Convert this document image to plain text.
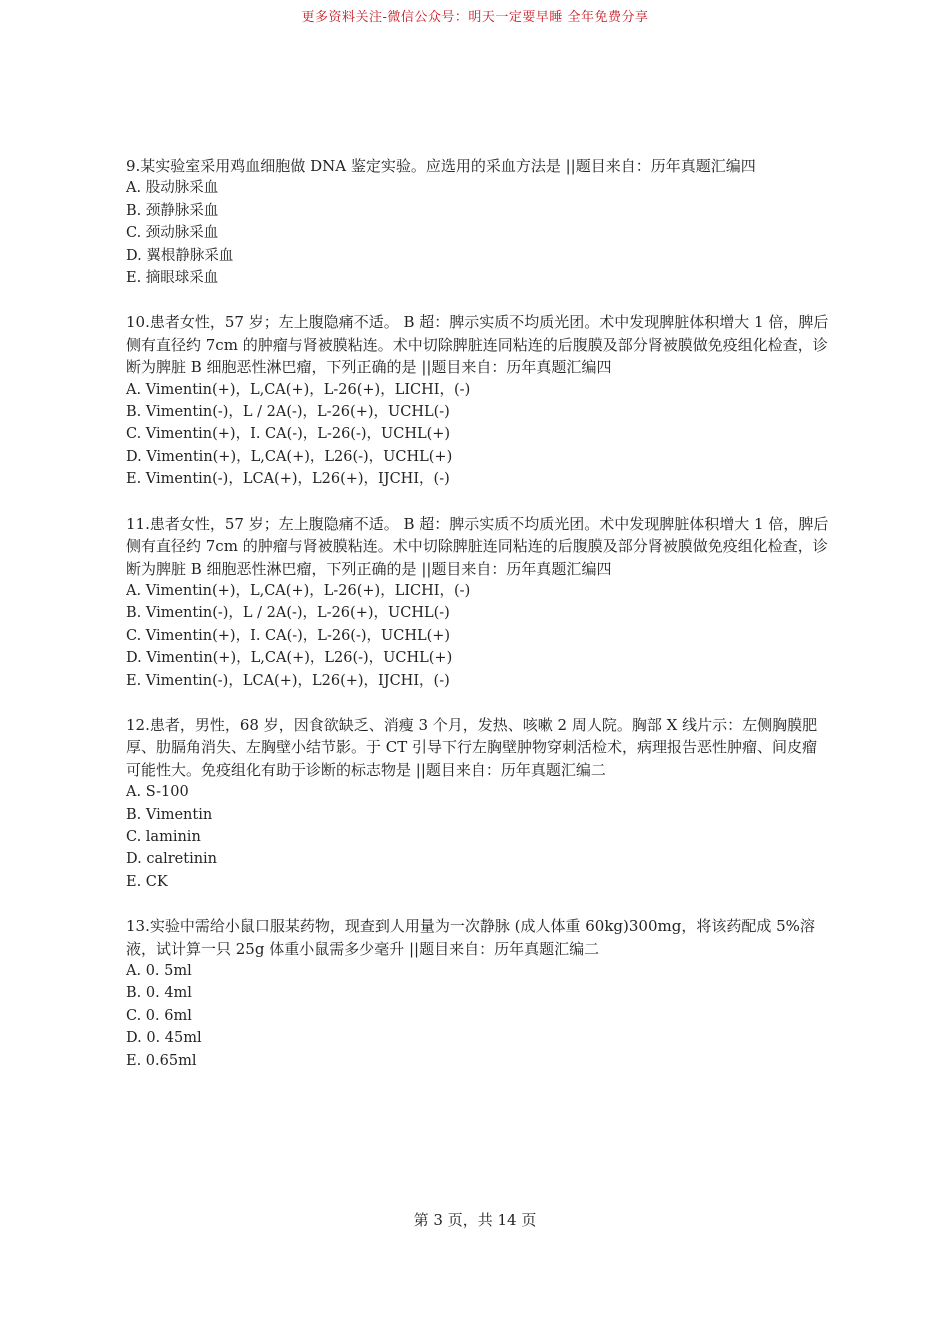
更多资料关注-微信公众号：明天一定要早睡 全年免费分享

9.某实验室采用鸡血细胞做 DNA 鉴定实验。应选用的采血方法是 ||题目来自：历年真题汇编四

A. 股动脉采血
B. 颈静脉采血
C. 颈动脉采血
D. 翼根静脉采血
E. 摘眼球采血

10.患者女性，57 岁；左上腹隐痛不适。 B 超：脾示实质不均质光团。术中发现脾脏体积增大 1 倍，脾后侧有直径约 7cm 的肿瘤与肾被膜粘连。术中切除脾脏连同粘连的后腹膜及部分肾被膜做免疫组化检查，诊断为脾脏 B 细胞恶性淋巴瘤，下列正确的是 ||题目来自：历年真题汇编四

A. Vimentin(+)，L,CA(+)，L-26(+)，LICHI，(-)
B. Vimentin(-)，L / 2A(-)，L-26(+)，UCHL(-)
C. Vimentin(+)，I. CA(-)，L-26(-)，UCHL(+)
D. Vimentin(+)，L,CA(+)，L26(-)，UCHL(+)
E. Vimentin(-)，LCA(+)，L26(+)，IJCHI，(-)

11.患者女性，57 岁；左上腹隐痛不适。 B 超：脾示实质不均质光团。术中发现脾脏体积增大 1 倍，脾后侧有直径约 7cm 的肿瘤与肾被膜粘连。术中切除脾脏连同粘连的后腹膜及部分肾被膜做免疫组化检查，诊断为脾脏 B 细胞恶性淋巴瘤，下列正确的是 ||题目来自：历年真题汇编四

A. Vimentin(+)，L,CA(+)，L-26(+)，LICHI，(-)
B. Vimentin(-)，L / 2A(-)，L-26(+)，UCHL(-)
C. Vimentin(+)，I. CA(-)，L-26(-)，UCHL(+)
D. Vimentin(+)，L,CA(+)，L26(-)，UCHL(+)
E. Vimentin(-)，LCA(+)，L26(+)，IJCHI，(-)

12.患者，男性，68 岁，因食欲缺乏、消瘦 3 个月，发热、咳嗽 2 周人院。胸部 X 线片示：左侧胸膜肥厚、肋膈角消失、左胸壁小结节影。于 CT 引导下行左胸壁肿物穿刺活检术，病理报告恶性肿瘤、间皮瘤可能性大。免疫组化有助于诊断的标志物是 ||题目来自：历年真题汇编二

A. S-100
B. Vimentin
C. laminin
D. calretinin
E. CK

13.实验中需给小鼠口服某药物，现查到人用量为一次静脉 (成人体重 60kg)300mg，将该药配成 5%溶液，试计算一只 25g 体重小鼠需多少毫升 ||题目来自：历年真题汇编二

A. 0. 5ml
B. 0. 4ml
C. 0. 6ml
D. 0. 45ml
E. 0.65ml
第 3 页，共 14 页
